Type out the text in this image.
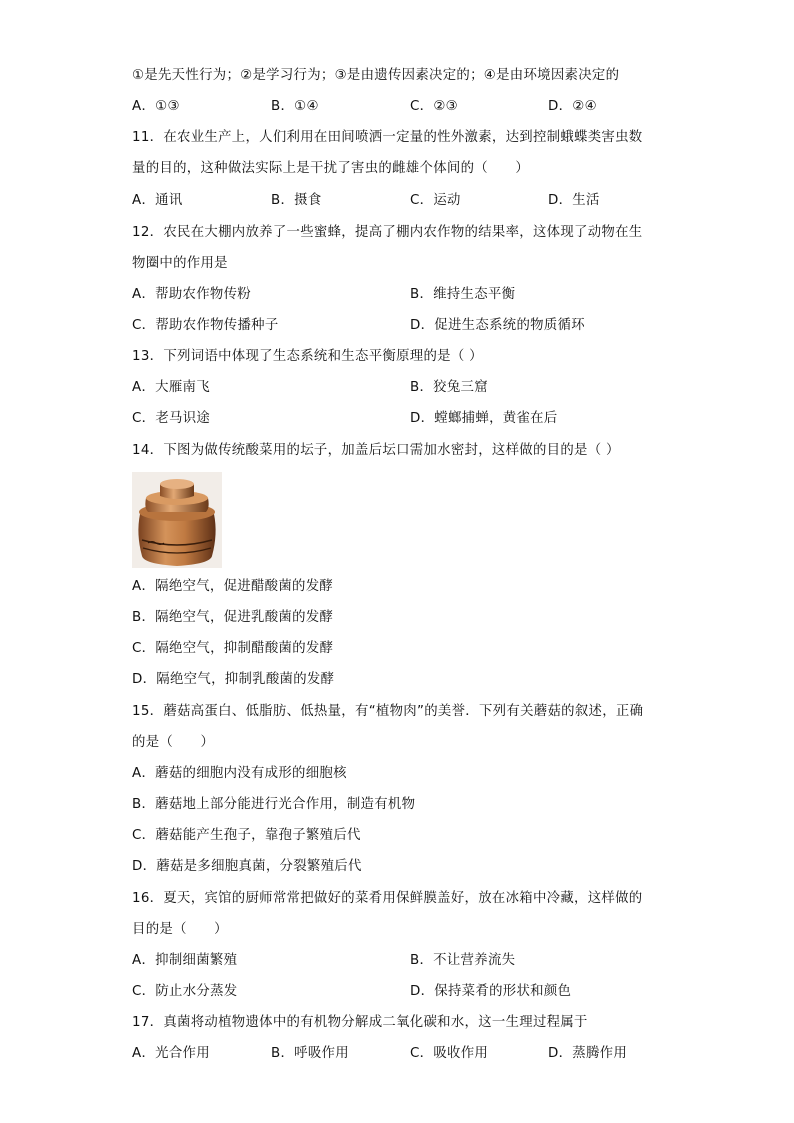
①是先天性行为；②是学习行为；③是由遗传因素决定的；④是由环境因素决定的
A．①③	B．①④	C．②③	D．②④
11．在农业生产上，人们利用在田间喷洒一定量的性外激素，达到控制蛾蝶类害虫数
量的目的，这种做法实际上是干扰了害虫的雌雄个体间的（　　）
A．通讯	B．摄食	C．运动	D．生活
12．农民在大棚内放养了一些蜜蜂，提高了棚内农作物的结果率，这体现了动物在生
物圈中的作用是
A．帮助农作物传粉	B．维持生态平衡
C．帮助农作物传播种子	D．促进生态系统的物质循环
13．下列词语中体现了生态系统和生态平衡原理的是（ ）
A．大雁南飞	B．狡兔三窟
C．老马识途	D．螳螂捕蝉，黄雀在后
14．下图为做传统酸菜用的坛子，加盖后坛口需加水密封，这样做的目的是（ ）
A．隔绝空气，促进醋酸菌的发酵
B．隔绝空气，促进乳酸菌的发酵
C．隔绝空气，抑制醋酸菌的发酵
D．隔绝空气，抑制乳酸菌的发酵
15．蘑菇高蛋白、低脂肪、低热量，有“植物肉”的美誉．下列有关蘑菇的叙述，正确
的是（　　）
A．蘑菇的细胞内没有成形的细胞核
B．蘑菇地上部分能进行光合作用，制造有机物
C．蘑菇能产生孢子，靠孢子繁殖后代
D．蘑菇是多细胞真菌，分裂繁殖后代
16．夏天，宾馆的厨师常常把做好的菜肴用保鲜膜盖好，放在冰箱中冷藏，这样做的
目的是（　　）
A．抑制细菌繁殖	B．不让营养流失
C．防止水分蒸发	D．保持菜肴的形状和颜色
17．真菌将动植物遗体中的有机物分解成二氧化碳和水，这一生理过程属于
A．光合作用	B．呼吸作用	C．吸收作用	D．蒸腾作用
